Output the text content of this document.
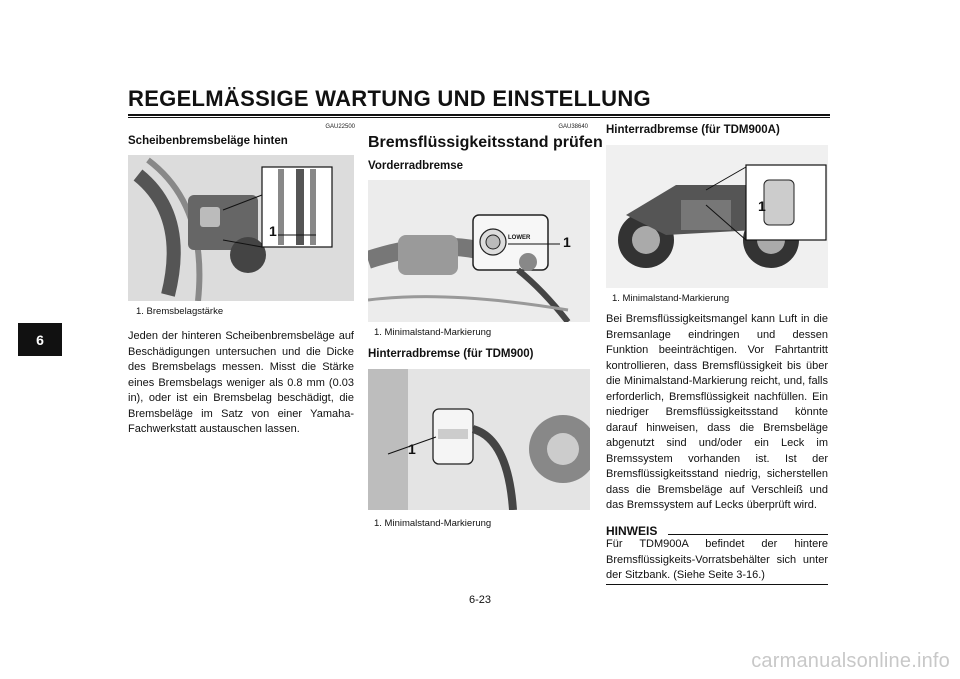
REGELMÄSSIGE WARTUNG UND EINSTELLUNG
6
GAU22500
Scheibenbremsbeläge hinten
1
1. Bremsbelagstärke

Jeden der hinteren Scheibenbremsbeläge auf Beschädigungen untersuchen und die Dicke des Bremsbelags messen. Misst die Stärke eines Bremsbelags weniger als 0.8 mm (0.03 in), oder ist ein Bremsbelag beschädigt, die Bremsbeläge im Satz von einer Yamaha-Fachwerkstatt austauschen lassen.

GAU38640
Bremsflüssigkeitsstand prüfen
Vorderradbremse
LOWER 1
1. Minimalstand-Markierung
Hinterradbremse (für TDM900)
1
1. Minimalstand-Markierung
Hinterradbremse (für TDM900A)
1
1. Minimalstand-Markierung

Bei Bremsflüssigkeitsmangel kann Luft in die Bremsanlage eindringen und dessen Funktion beeinträchtigen. Vor Fahrtantritt kontrollieren, dass Bremsflüssigkeit bis über die Minimalstand-Markierung reicht, und, falls erforderlich, Bremsflüssigkeit nachfüllen. Ein niedriger Bremsflüssigkeitsstand könnte darauf hinweisen, dass die Bremsbeläge abgenutzt sind und/oder ein Leck im Bremssystem vorhanden ist. Ist der Bremsflüssigkeitsstand niedrig, sicherstellen dass die Bremsbeläge auf Verschleiß und das Bremssystem auf Lecks überprüft wird.

HINWEIS

Für TDM900A befindet der hintere Bremsflüssigkeits-Vorratsbehälter sich unter der Sitzbank. (Siehe Seite 3-16.)

6-23
carmanualsonline.info
